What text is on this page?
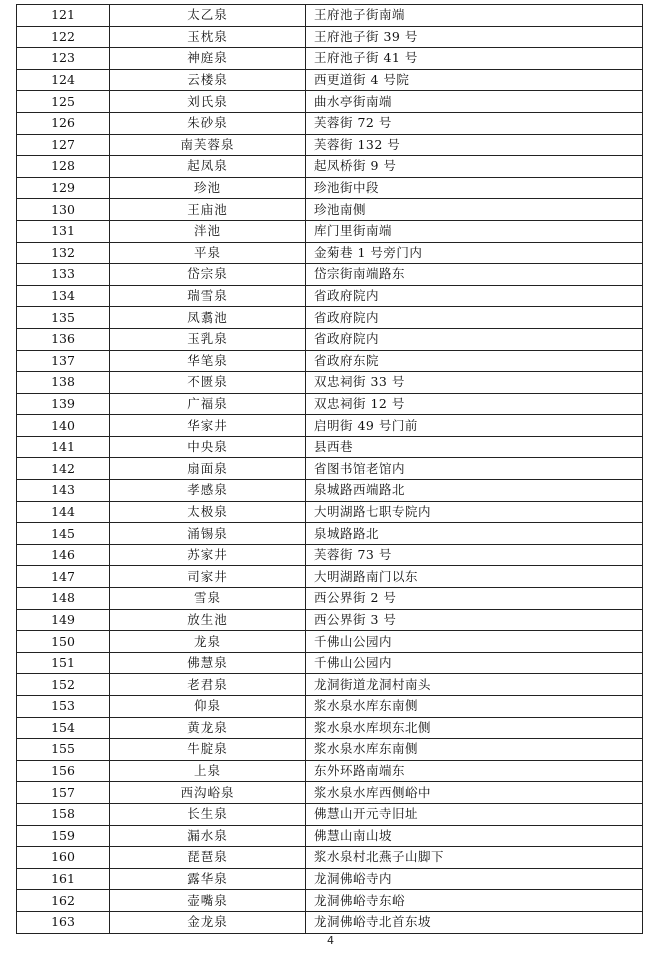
121	太乙泉	王府池子街南端
122	玉枕泉	王府池子街 39 号
123	神庭泉	王府池子街 41 号
124	云楼泉	西更道街 4 号院
125	刘氏泉	曲水亭街南端
126	朱砂泉	芙蓉街 72 号
127	南芙蓉泉	芙蓉街 132 号
128	起凤泉	起凤桥街 9 号
129	珍池	珍池街中段
130	王庙池	珍池南侧
131	泮池	库门里街南端
132	平泉	金菊巷 1 号旁门内
133	岱宗泉	岱宗街南端路东
134	瑞雪泉	省政府院内
135	凤翥池	省政府院内
136	玉乳泉	省政府院内
137	华笔泉	省政府东院
138	不匮泉	双忠祠街 33 号
139	广福泉	双忠祠街 12 号
140	华家井	启明街 49 号门前
141	中央泉	县西巷
142	扇面泉	省图书馆老馆内
143	孝感泉	泉城路西端路北
144	太极泉	大明湖路七职专院内
145	涌锡泉	泉城路路北
146	苏家井	芙蓉街 73 号
147	司家井	大明湖路南门以东
148	雪泉	西公界街 2 号
149	放生池	西公界街 3 号
150	龙泉	千佛山公园内
151	佛慧泉	千佛山公园内
152	老君泉	龙洞街道龙洞村南头
153	仰泉	浆水泉水库东南侧
154	黄龙泉	浆水泉水库坝东北侧
155	牛腚泉	浆水泉水库东南侧
156	上泉	东外环路南端东
157	西沟峪泉	浆水泉水库西侧峪中
158	长生泉	佛慧山开元寺旧址
159	漏水泉	佛慧山南山坡
160	琵琶泉	浆水泉村北燕子山脚下
161	露华泉	龙洞佛峪寺内
162	壶嘴泉	龙洞佛峪寺东峪
163	金龙泉	龙洞佛峪寺北首东坡
4
